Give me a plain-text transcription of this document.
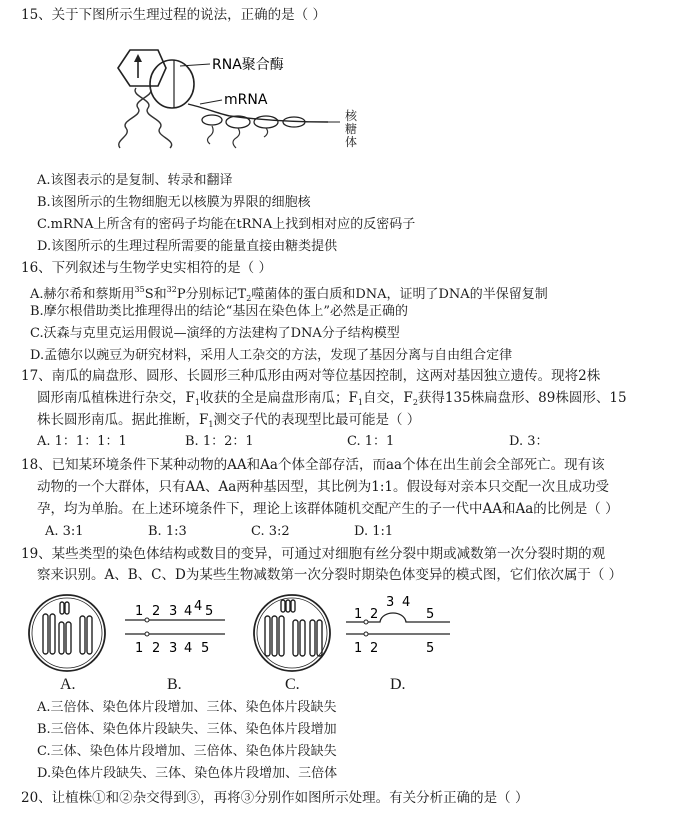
15、关于下图所示生理过程的说法，正确的是（ ）
RNA聚合酶
mRNA
核糖体
A.该图表示的是复制、转录和翻译
B.该图所示的生物细胞无以核膜为界限的细胞核
C.mRNA上所含有的密码子均能在tRNA上找到相对应的反密码子
D.该图所示的生理过程所需要的能量直接由糖类提供
16、下列叙述与生物学史实相符的是（ ）
A.赫尔希和蔡斯用$^{35}$S和$^{32}$P分别标记$T_2$噬菌体的蛋白质和DNA，证明了DNA的半保留复制
B.摩尔根借助类比推理得出的结论“基因在染色体上”必然是正确的
C.沃森与克里克运用假说—演绎的方法建构了DNA分子结构模型
D.孟德尔以豌豆为研究材料，采用人工杂交的方法，发现了基因分离与自由组合定律
17、南瓜的扁盘形、圆形、长圆形三种瓜形由两对等位基因控制，这两对基因独立遗传。现将2株
圆形南瓜植株进行杂交，$F_1$收获的全是扁盘形南瓜；$F_1$自交，$F_2$获得135株扁盘形、89株圆形、15
株长圆形南瓜。据此推断，$F_1$测交子代的表现型比最可能是（ ）
A. 1：1：1：1	B. 1：2：1	C. 1：1	D. 3：
18、已知某环境条件下某种动物的AA和Aa个体全部存活，而aa个体在出生前会全部死亡。现有该
动物的一个大群体，只有AA、Aa两种基因型，其比例为1:1。假设每对亲本只交配一次且成功受
孕，均为单胎。在上述环境条件下，理论上该群体随机交配产生的子一代中AA和Aa的比例是（ ）
A. 3:1	B. 1:3	C. 3:2	D. 1:1
19、某些类型的染色体结构或数目的变异，可通过对细胞有丝分裂中期或减数第一次分裂时期的观
察来识别。A、B、C、D为某些生物减数第一次分裂时期染色体变异的模式图，它们依次属于（ ）
1 2 3 4 4 5
1 2 3 4 5
1 2
3 4
5
1 2	5
A.	B.	C.	D.
A.三倍体、染色体片段增加、三体、染色体片段缺失
B.三倍体、染色体片段缺失、三体、染色体片段增加
C.三体、染色体片段增加、三倍体、染色体片段缺失
D.染色体片段缺失、三体、染色体片段增加、三倍体
20、让植株①和②杂交得到③，再将③分别作如图所示处理。有关分析正确的是（ ）
